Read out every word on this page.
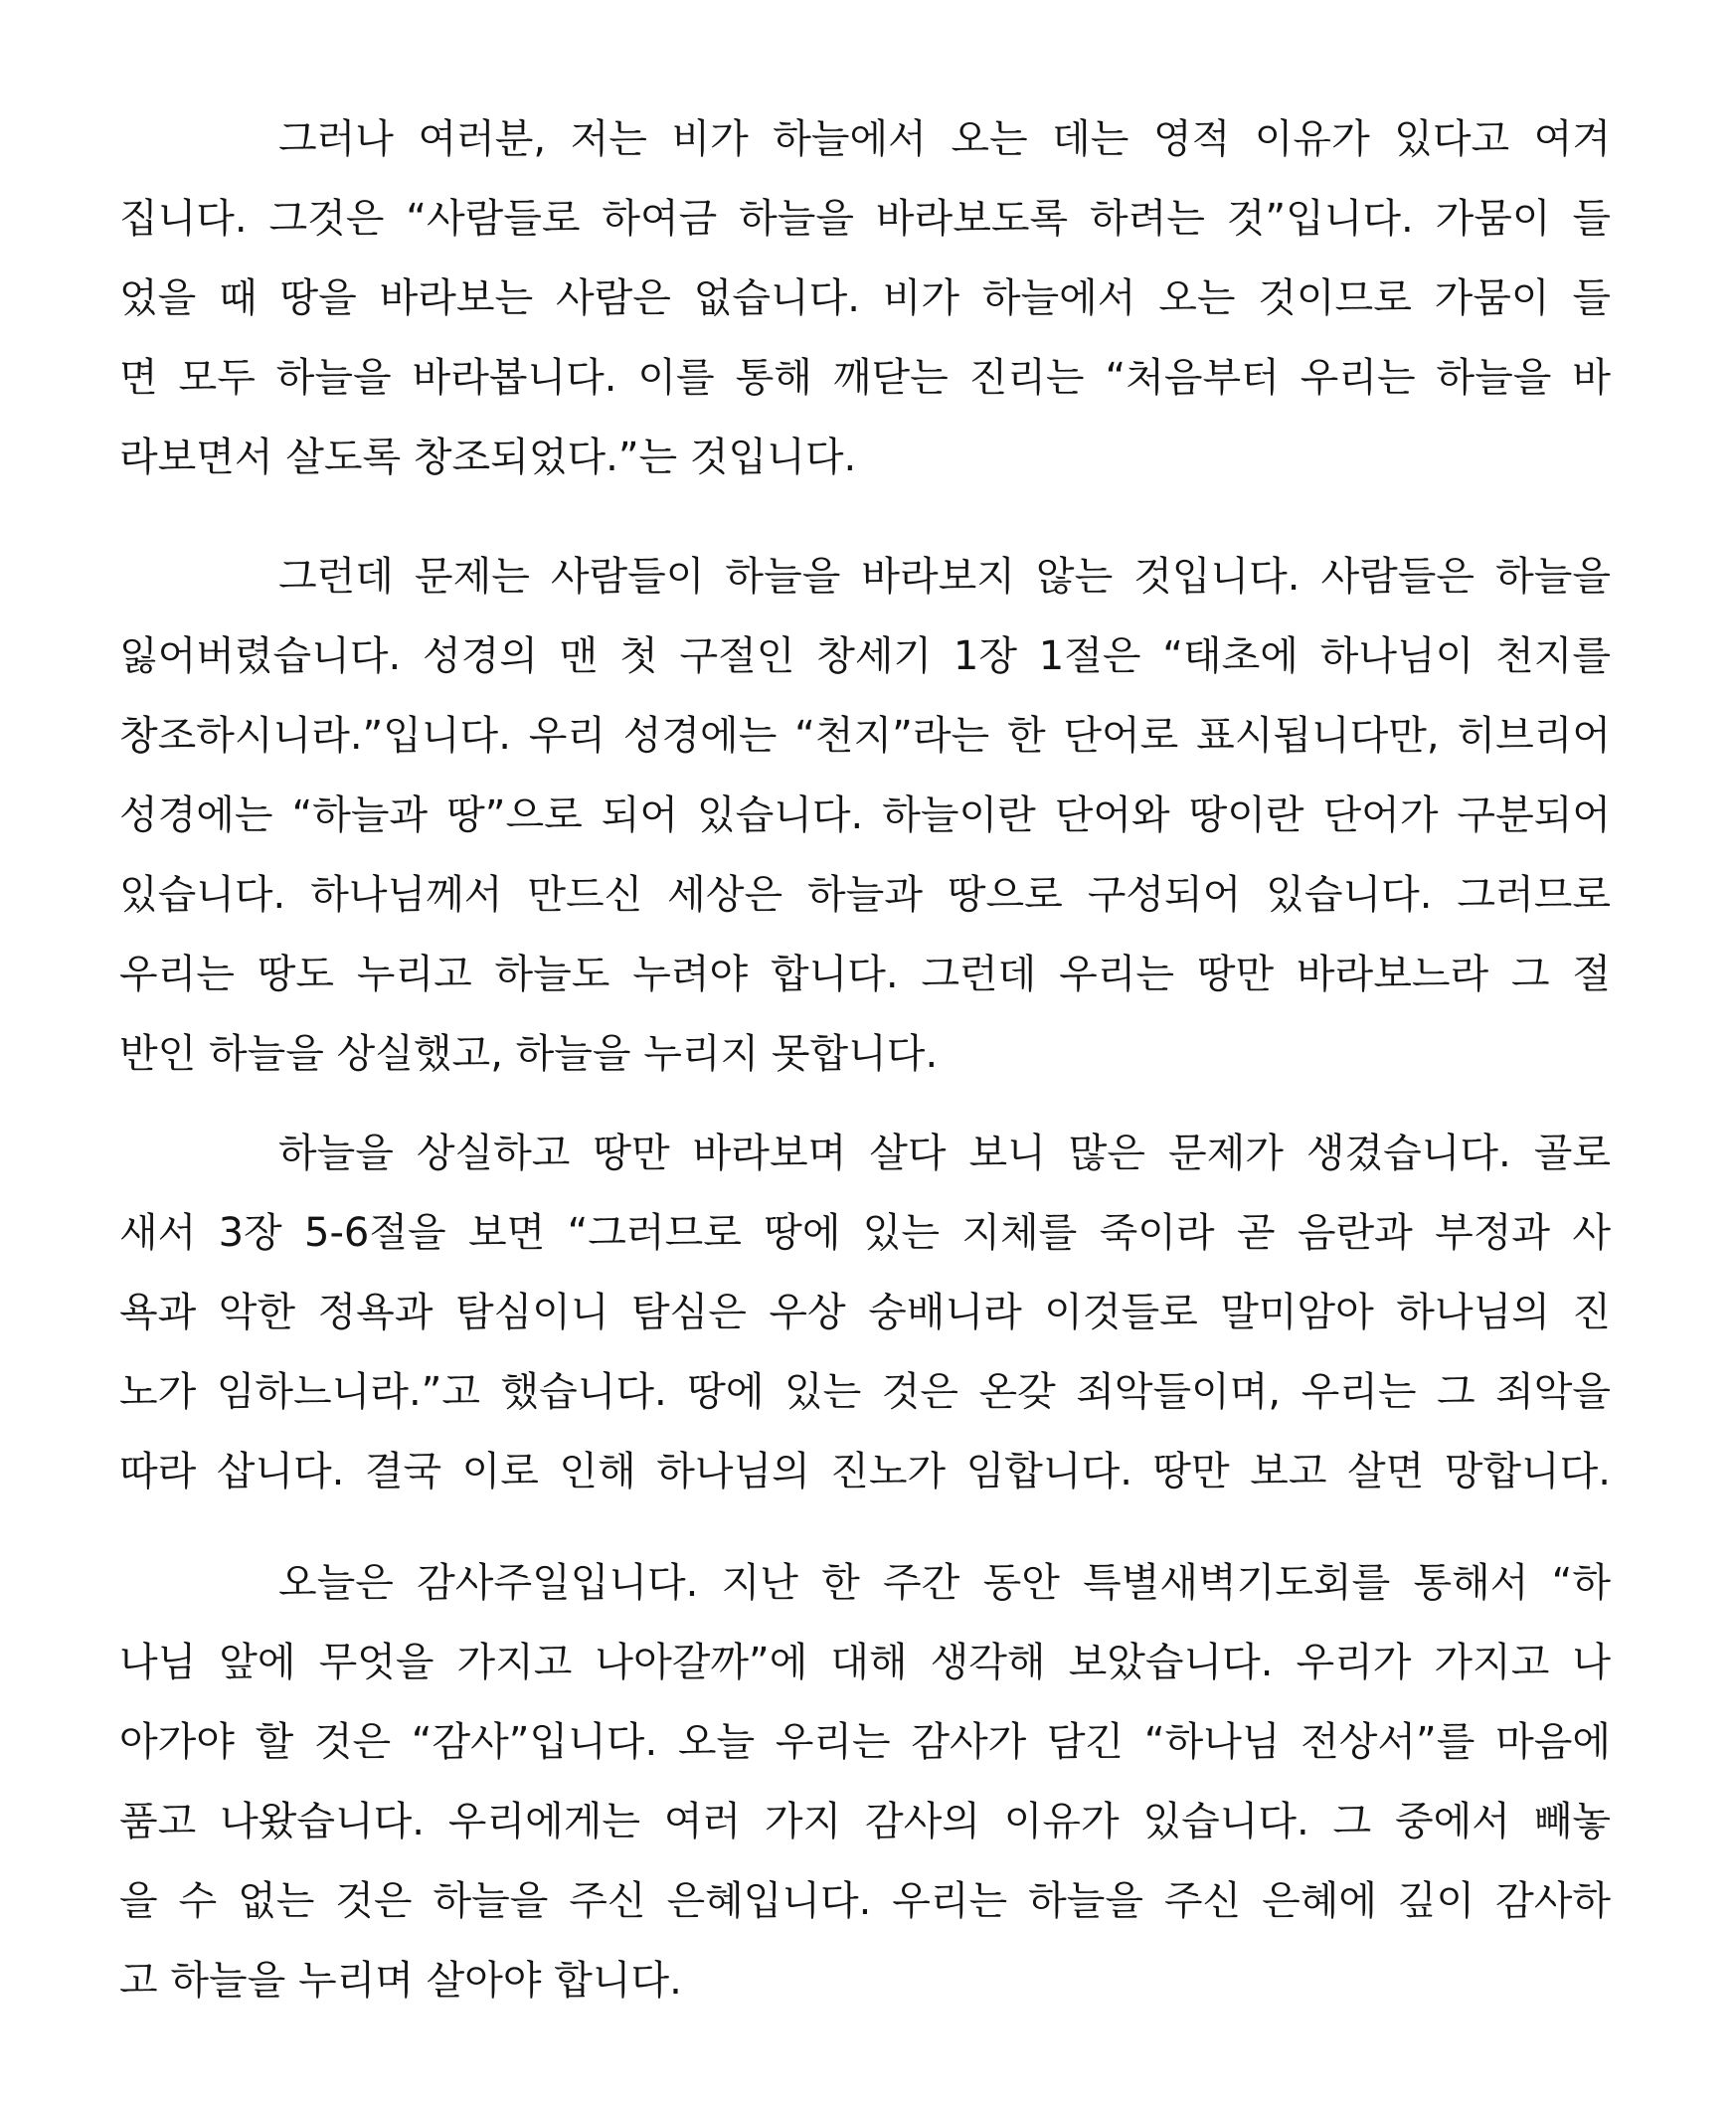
그러나 여러분, 저는 비가 하늘에서 오는 데는 영적 이유가 있다고 여겨
집니다. 그것은 “사람들로 하여금 하늘을 바라보도록 하려는 것”입니다. 가뭄이 들
었을 때 땅을 바라보는 사람은 없습니다. 비가 하늘에서 오는 것이므로 가뭄이 들
면 모두 하늘을 바라봅니다. 이를 통해 깨닫는 진리는 “처음부터 우리는 하늘을 바
라보면서 살도록 창조되었다.”는 것입니다.
그런데 문제는 사람들이 하늘을 바라보지 않는 것입니다. 사람들은 하늘을
잃어버렸습니다. 성경의 맨 첫 구절인 창세기 1장 1절은 “태초에 하나님이 천지를
창조하시니라.”입니다. 우리 성경에는 “천지”라는 한 단어로 표시됩니다만, 히브리어
성경에는 “하늘과 땅”으로 되어 있습니다. 하늘이란 단어와 땅이란 단어가 구분되어
있습니다. 하나님께서 만드신 세상은 하늘과 땅으로 구성되어 있습니다. 그러므로
우리는 땅도 누리고 하늘도 누려야 합니다. 그런데 우리는 땅만 바라보느라 그 절
반인 하늘을 상실했고, 하늘을 누리지 못합니다.
하늘을 상실하고 땅만 바라보며 살다 보니 많은 문제가 생겼습니다. 골로
새서 3장 5-6절을 보면 “그러므로 땅에 있는 지체를 죽이라 곧 음란과 부정과 사
욕과 악한 정욕과 탐심이니 탐심은 우상 숭배니라 이것들로 말미암아 하나님의 진
노가 임하느니라.”고 했습니다. 땅에 있는 것은 온갖 죄악들이며, 우리는 그 죄악을
따라 삽니다. 결국 이로 인해 하나님의 진노가 임합니다. 땅만 보고 살면 망합니다.
오늘은 감사주일입니다. 지난 한 주간 동안 특별새벽기도회를 통해서 “하
나님 앞에 무엇을 가지고 나아갈까”에 대해 생각해 보았습니다. 우리가 가지고 나
아가야 할 것은 “감사”입니다. 오늘 우리는 감사가 담긴 “하나님 전상서”를 마음에
품고 나왔습니다. 우리에게는 여러 가지 감사의 이유가 있습니다. 그 중에서 빼놓
을 수 없는 것은 하늘을 주신 은혜입니다. 우리는 하늘을 주신 은혜에 깊이 감사하
고 하늘을 누리며 살아야 합니다.
